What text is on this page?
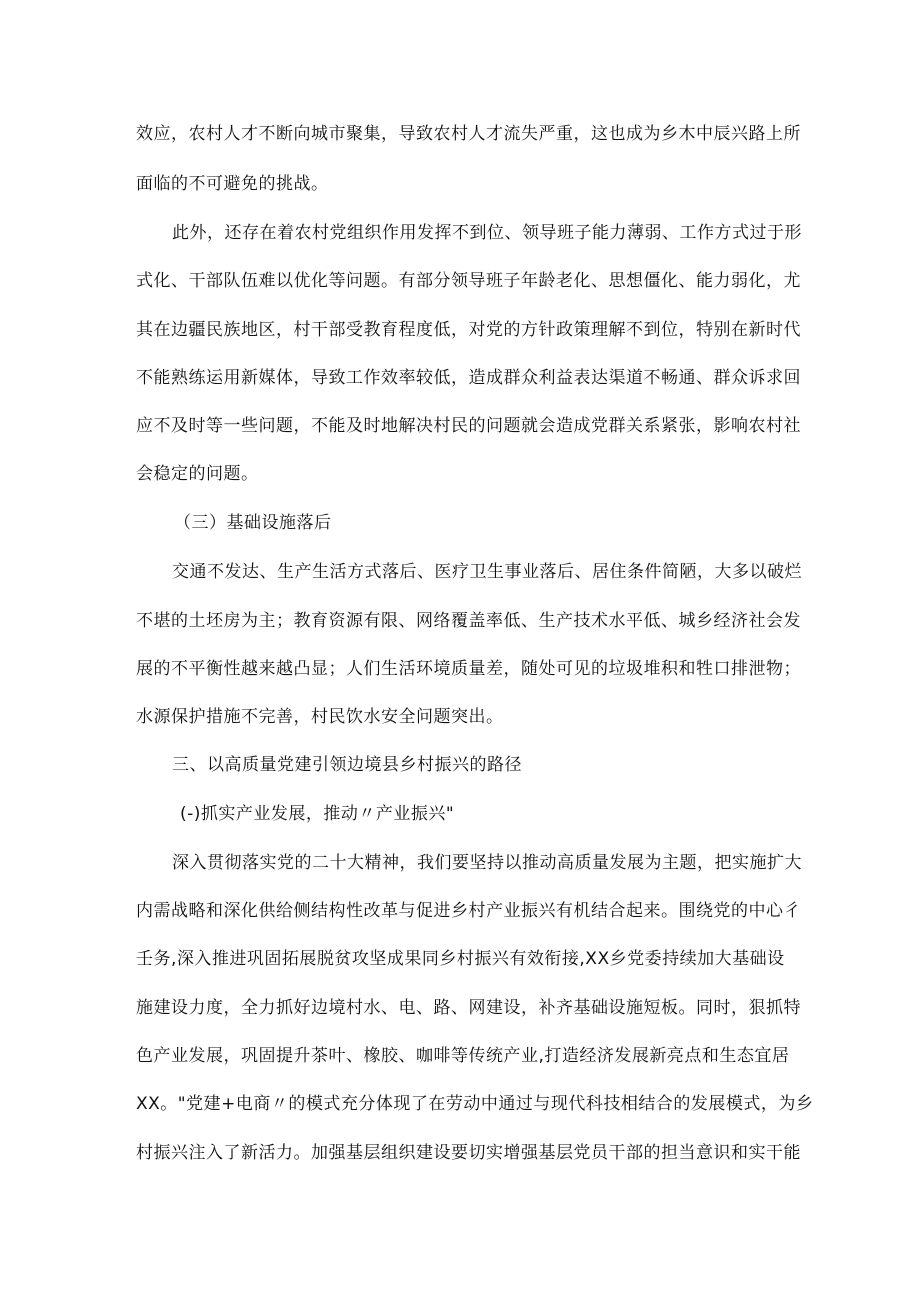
效应，农村人才不断向城市聚集，导致农村人才流失严重，这也成为乡木中辰兴路上所
面临的不可避免的挑战。
此外，还存在着农村党组织作用发挥不到位、领导班子能力薄弱、工作方式过于形
式化、干部队伍难以优化等问题。有部分领导班子年龄老化、思想僵化、能力弱化，尤
其在边疆民族地区，村干部受教育程度低，对党的方针政策理解不到位，特别在新时代
不能熟练运用新媒体，导致工作效率较低，造成群众利益表达渠道不畅通、群众诉求回
应不及时等一些问题，不能及时地解决村民的问题就会造成党群关系紧张，影响农村社
会稳定的问题。
（三）基础设施落后
交通不发达、生产生活方式落后、医疗卫生事业落后、居住条件简陋，大多以破烂
不堪的土坯房为主；教育资源有限、网络覆盖率低、生产技术水平低、城乡经济社会发
展的不平衡性越来越凸显；人们生活环境质量差，随处可见的垃圾堆积和牲口排泄物；
水源保护措施不完善，村民饮水安全问题突出。
三、以高质量党建引领边境县乡村振兴的路径
(-)抓实产业发展，推动〃产业振兴"
深入贯彻落实党的二十大精神，我们要坚持以推动高质量发展为主题，把实施扩大
内需战略和深化供给侧结构性改革与促进乡村产业振兴有机结合起来。围绕党的中心彳
壬务,深入推进巩固拓展脱贫攻坚成果同乡村振兴有效衔接,XX乡党委持续加大基础设
施建设力度，全力抓好边境村水、电、路、网建设，补齐基础设施短板。同时，狠抓特
色产业发展，巩固提升茶叶、橡胶、咖啡等传统产业,打造经济发展新亮点和生态宜居
XX。"党建+电商〃的模式充分体现了在劳动中通过与现代科技相结合的发展模式，为乡
村振兴注入了新活力。加强基层组织建设要切实增强基层党员干部的担当意识和实干能
